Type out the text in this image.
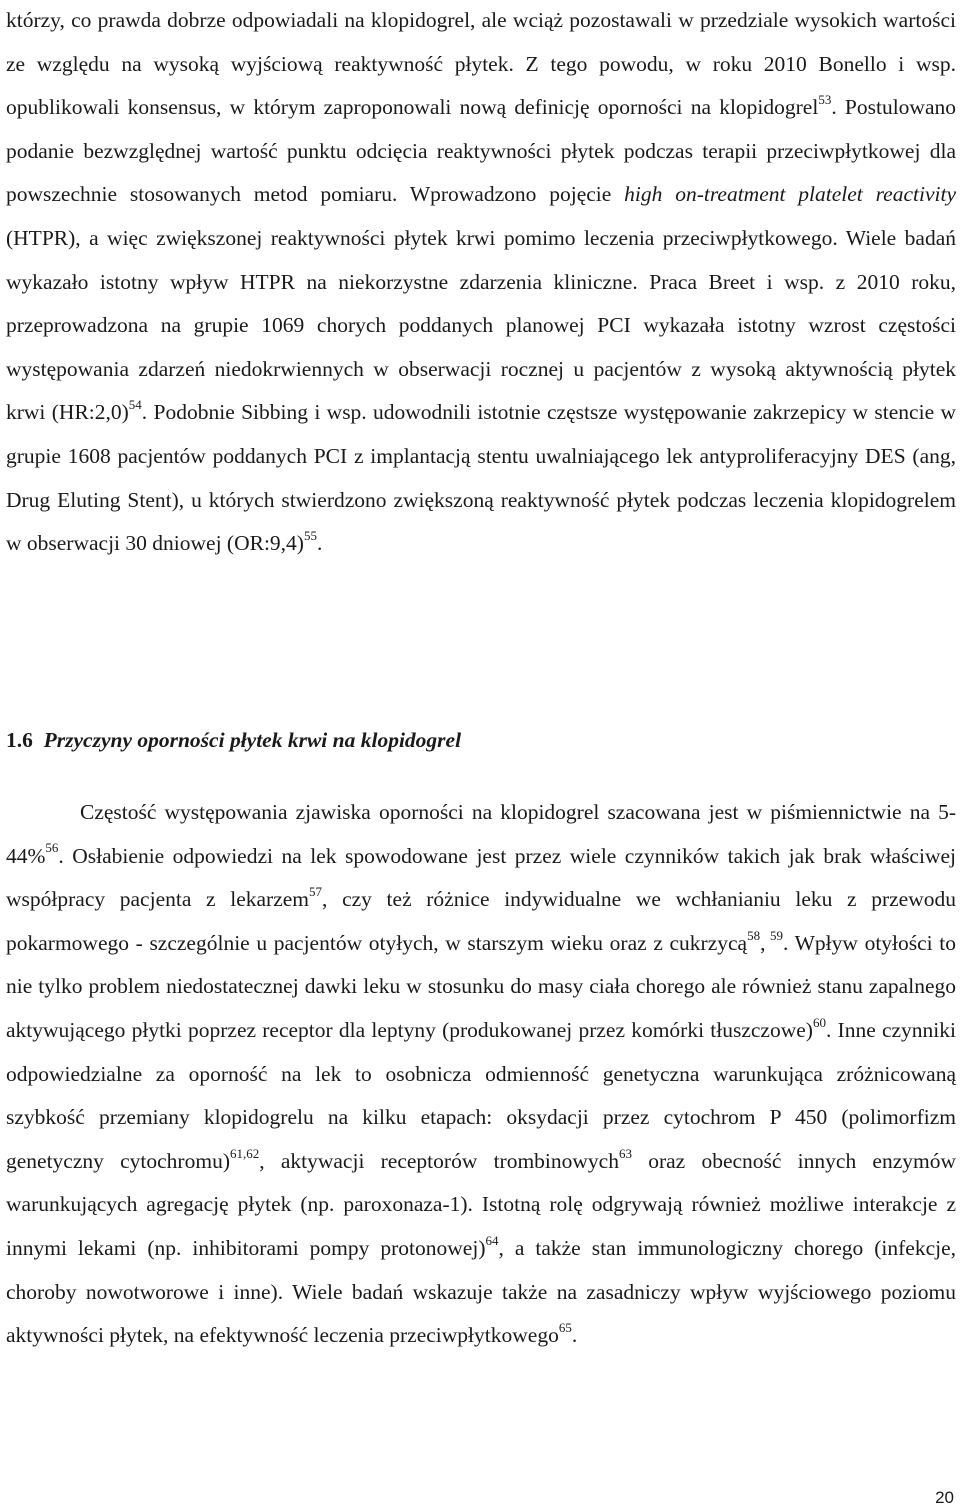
którzy, co prawda dobrze odpowiadali na klopidogrel, ale wciąż pozostawali w przedziale wysokich wartości ze względu na wysoką wyjściową reaktywność płytek. Z tego powodu, w roku 2010 Bonello i wsp. opublikowali konsensus, w którym zaproponowali nową definicję oporności na klopidogrel$^{53}$. Postulowano podanie bezwzględnej wartość punktu odcięcia reaktywności płytek podczas terapii przeciwpłytkowej dla powszechnie stosowanych metod pomiaru. Wprowadzono pojęcie high on-treatment platelet reactivity (HTPR), a więc zwiększonej reaktywności płytek krwi pomimo leczenia przeciwpłytkowego. Wiele badań wykazało istotny wpływ HTPR na niekorzystne zdarzenia kliniczne. Praca Breet i wsp. z 2010 roku, przeprowadzona na grupie 1069 chorych poddanych planowej PCI wykazała istotny wzrost częstości występowania zdarzeń niedokrwiennych w obserwacji rocznej u pacjentów z wysoką aktywnością płytek krwi (HR:2,0)$^{54}$. Podobnie Sibbing i wsp. udowodnili istotnie częstsze występowanie zakrzepicy w stencie w grupie 1608 pacjentów poddanych PCI z implantacją stentu uwalniającego lek antyproliferacyjny DES (ang, Drug Eluting Stent), u których stwierdzono zwiększoną reaktywność płytek podczas leczenia klopidogrelem w obserwacji 30 dniowej (OR:9,4)$^{55}$.

1.6 Przyczyny oporności płytek krwi na klopidogrel

Częstość występowania zjawiska oporności na klopidogrel szacowana jest w piśmiennictwie na 5-44%$^{56}$. Osłabienie odpowiedzi na lek spowodowane jest przez wiele czynników takich jak brak właściwej współpracy pacjenta z lekarzem$^{57}$, czy też różnice indywidualne we wchłanianiu leku z przewodu pokarmowego - szczególnie u pacjentów otyłych, w starszym wieku oraz z cukrzycą$^{58}$, $^{59}$. Wpływ otyłości to nie tylko problem niedostatecznej dawki leku w stosunku do masy ciała chorego ale również stanu zapalnego aktywującego płytki poprzez receptor dla leptyny (produkowanej przez komórki tłuszczowe)$^{60}$. Inne czynniki odpowiedzialne za oporność na lek to osobnicza odmienność genetyczna warunkująca zróżnicowaną szybkość przemiany klopidogrelu na kilku etapach: oksydacji przez cytochrom P 450 (polimorfizm genetyczny cytochromu)$^{61,62}$, aktywacji receptorów trombinowych$^{63}$ oraz obecność innych enzymów warunkujących agregację płytek (np. paroxonaza-1). Istotną rolę odgrywają również możliwe interakcje z innymi lekami (np. inhibitorami pompy protonowej)$^{64}$, a także stan immunologiczny chorego (infekcje, choroby nowotworowe i inne). Wiele badań wskazuje także na zasadniczy wpływ wyjściowego poziomu aktywności płytek, na efektywność leczenia przeciwpłytkowego$^{65}$.

20
